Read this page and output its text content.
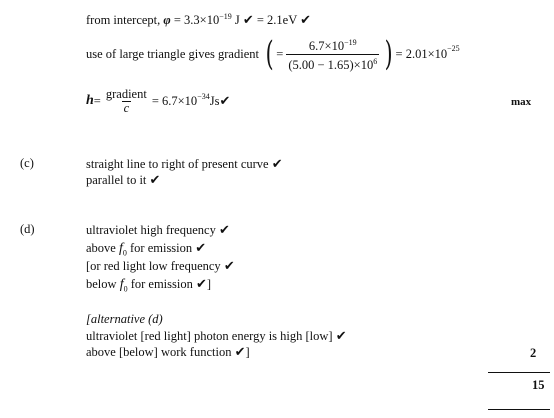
from intercept, $\varphi = 3.3\times 10^{-19}$ J ✔ = 2.1eV ✔
use of large triangle gives gradient ( = $\frac{6.7\times 10^{-19}}{(5.00 - 1.65)\times 10^6}$ ) = $2.01\times 10^{-25}$
$h = \frac{\text{gradient}}{c} = 6.7\times 10^{-34}$ Js ✔	max
(c)	straight line to right of present curve ✔
parallel to it ✔
(d)	ultraviolet high frequency ✔
above $f_0$ for emission ✔
[or red light low frequency ✔
below $f_0$ for emission ✔]
[alternative (d)
ultraviolet [red light] photon energy is high [low] ✔
above [below] work function ✔]	2
15
